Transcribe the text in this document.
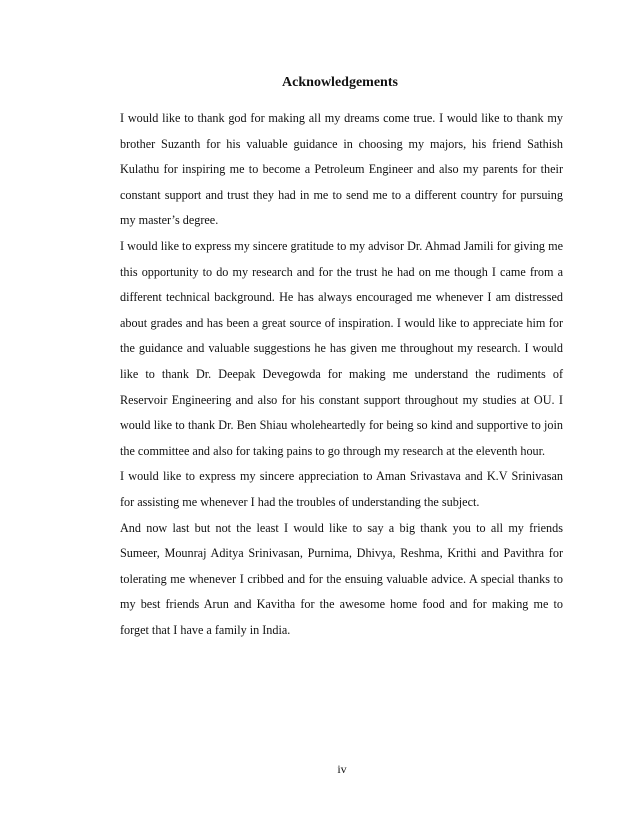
Acknowledgements

I would like to thank god for making all my dreams come true. I would like to thank my brother Suzanth for his valuable guidance in choosing my majors, his friend Sathish Kulathu for inspiring me to become a Petroleum Engineer and also my parents for their constant support and trust they had in me to send me to a different country for pursuing my master’s degree.

I would like to express my sincere gratitude to my advisor Dr. Ahmad Jamili for giving me this opportunity to do my research and for the trust he had on me though I came from a different technical background. He has always encouraged me whenever I am distressed about grades and has been a great source of inspiration. I would like to appreciate him for the guidance and valuable suggestions he has given me throughout my research. I would like to thank Dr. Deepak Devegowda for making me understand the rudiments of Reservoir Engineering and also for his constant support throughout my studies at OU. I would like to thank Dr. Ben Shiau wholeheartedly for being so kind and supportive to join the committee and also for taking pains to go through my research at the eleventh hour.

I would like to express my sincere appreciation to Aman Srivastava and K.V Srinivasan for assisting me whenever I had the troubles of understanding the subject.

And now last but not the least I would like to say a big thank you to all my friends Sumeer, Mounraj Aditya Srinivasan, Purnima, Dhivya, Reshma, Krithi and Pavithra for tolerating me whenever I cribbed and for the ensuing valuable advice. A special thanks to my best friends Arun and Kavitha for the awesome home food and for making me to forget that I have a family in India.

iv
